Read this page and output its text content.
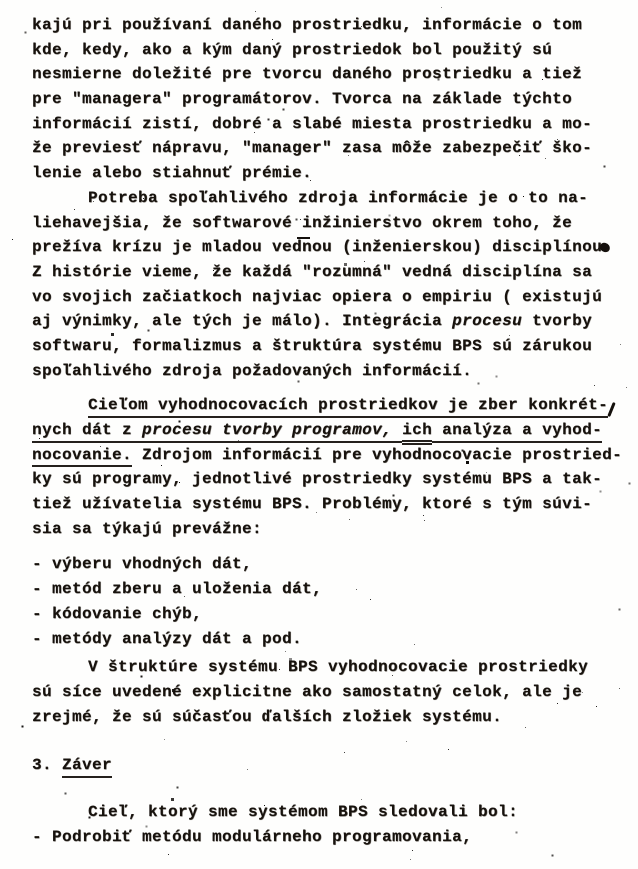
kajú pri používaní daného prostriedku, informácie o tom
kde, kedy, ako a kým daný prostriedok bol použitý sú
nesmierne doležité pre tvorcu daného prostriedku a tiež
pre "managera" programátorov. Tvorca na základe týchto
informácií zistí, dobré a slabé miesta prostriedku a mo-
že previesť nápravu, "manager" zasa môže zabezpečiť ško-
lenie alebo stiahnuť prémie.
Potreba spoľahlivého zdroja informácie je o to na-
liehavejšia, že softwarové inžinierstvo okrem toho, že
prežíva krízu je mladou vednou (inženierskou) disciplínou.
Z histórie vieme, že každá "rozumná" vedná disciplína sa
vo svojich začiatkoch najviac opiera o empiriu ( existujú
aj výnimky, ale tých je málo). Integrácia procesu tvorby
softwaru, formalizmus a štruktúra systému BPS sú zárukou
spoľahlivého zdroja požadovaných informácií.
Cieľom vyhodnocovacích prostriedkov je zber konkrét-
nych dát z procesu tvorby programov, ich analýza a vyhod-
nocovanie. Zdrojom informácií pre vyhodnocovacie prostried-
ky sú programy, jednotlivé prostriedky systému BPS a tak-
tiež užívatelia systému BPS. Problémy, ktoré s tým súvi-
sia sa týkajú prevážne:
- výberu vhodných dát,
- metód zberu a uloženia dát,
- kódovanie chýb,
- metódy analýzy dát a pod.
V štruktúre systému BPS vyhodnocovacie prostriedky
sú síce uvedené explicitne ako samostatný celok, ale je
zrejmé, že sú súčasťou ďalších zložiek systému.
3. Záver
Cieľ, ktorý sme systémom BPS sledovali bol:
- Podrobiť metódu modulárneho programovania,
